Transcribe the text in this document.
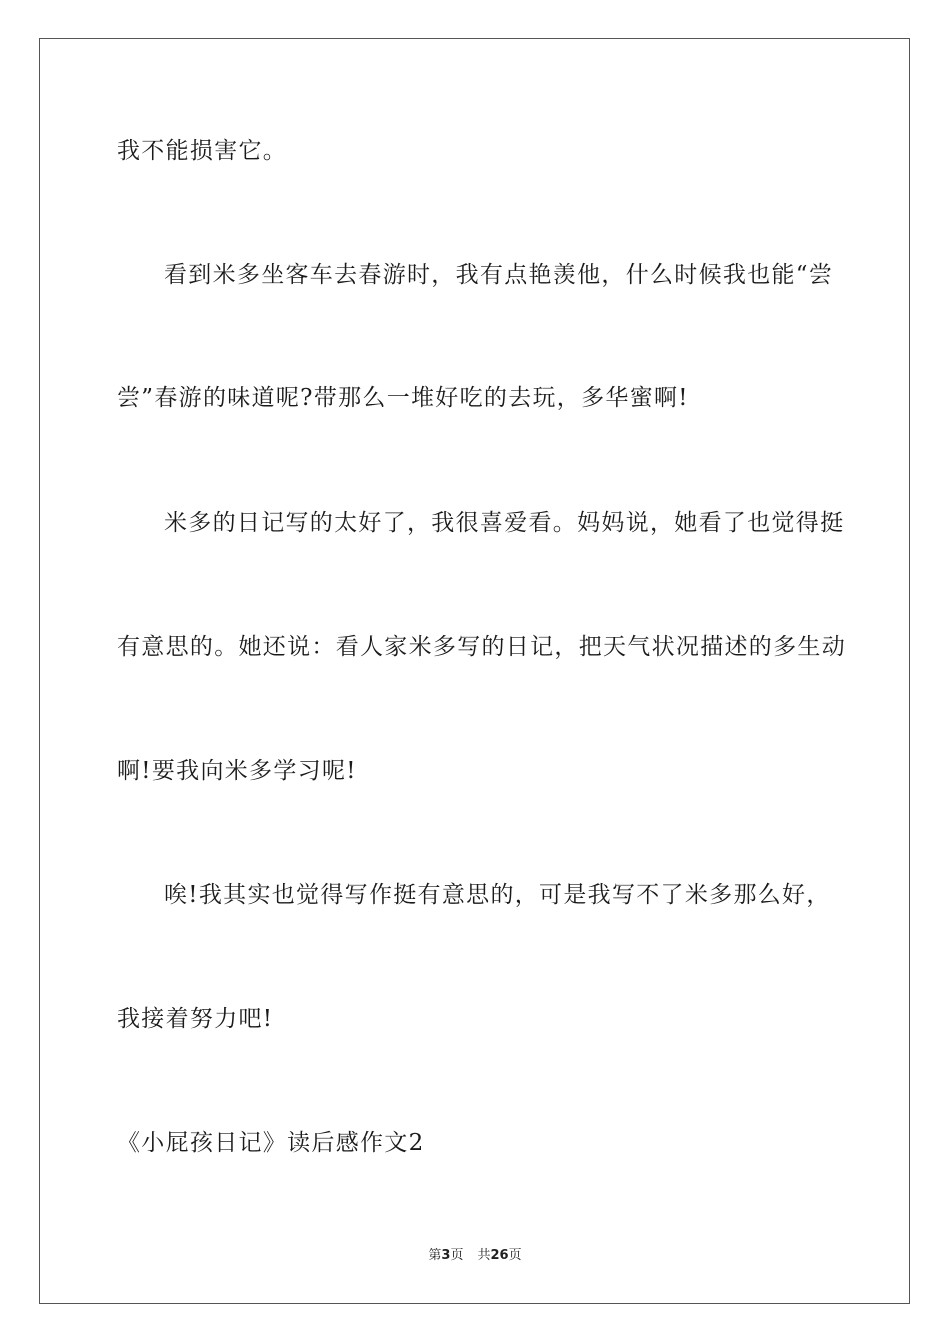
我不能损害它。
看到米多坐客车去春游时，我有点艳羡他，什么时候我也能“尝
尝”春游的味道呢?带那么一堆好吃的去玩，多华蜜啊!
米多的日记写的太好了，我很喜爱看。妈妈说，她看了也觉得挺
有意思的。她还说：看人家米多写的日记，把天气状况描述的多生动
啊!要我向米多学习呢!
唉!我其实也觉得写作挺有意思的，可是我写不了米多那么好，
我接着努力吧!
《小屁孩日记》读后感作文2
第3页 共26页
